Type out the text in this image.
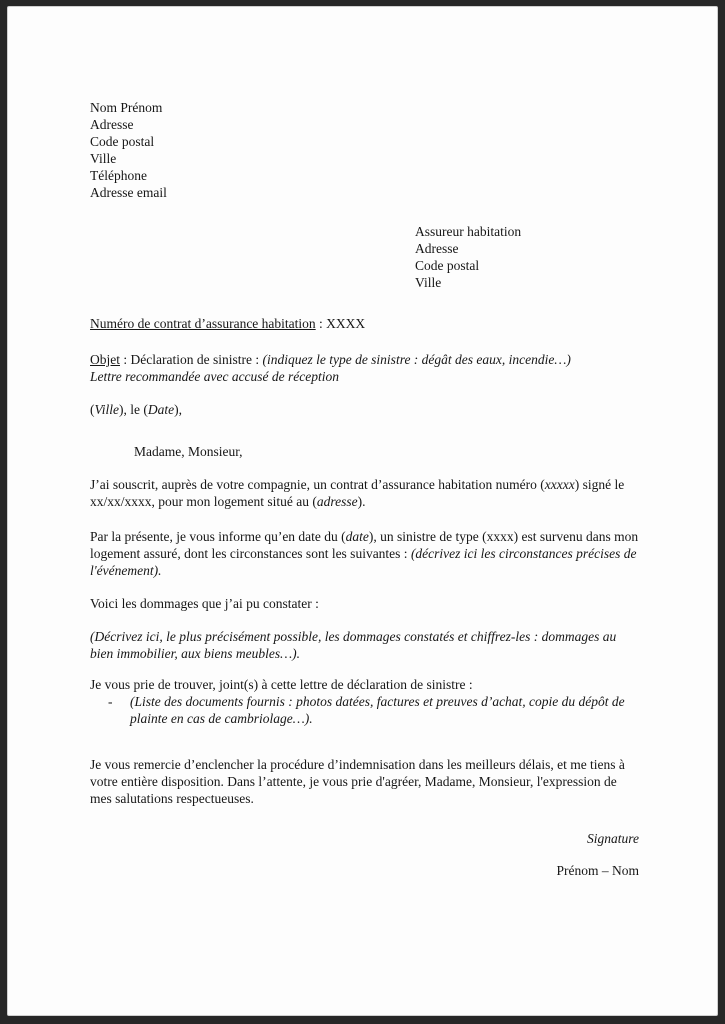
Nom Prénom
Adresse
Code postal
Ville
Téléphone
Adresse email
Assureur habitation
Adresse
Code postal
Ville
Numéro de contrat d’assurance habitation : XXXX
Objet : Déclaration de sinistre : (indiquez le type de sinistre : dégât des eaux, incendie…)
Lettre recommandée avec accusé de réception
(Ville), le (Date),
Madame, Monsieur,
J’ai souscrit, auprès de votre compagnie, un contrat d’assurance habitation numéro (xxxxx) signé le xx/xx/xxxx, pour mon logement situé au (adresse).
Par la présente, je vous informe qu’en date du (date), un sinistre de type (xxxx) est survenu dans mon logement assuré, dont les circonstances sont les suivantes : (décrivez ici les circonstances précises de l'événement).
Voici les dommages que j’ai pu constater :
(Décrivez ici, le plus précisément possible, les dommages constatés et chiffrez-les : dommages au bien immobilier, aux biens meubles…).
Je vous prie de trouver, joint(s) à cette lettre de déclaration de sinistre :
-	(Liste des documents fournis : photos datées, factures et preuves d’achat, copie du dépôt de plainte en cas de cambriolage…).
Je vous remercie d’enclencher la procédure d’indemnisation dans les meilleurs délais, et me tiens à votre entière disposition. Dans l’attente, je vous prie d'agréer, Madame, Monsieur, l'expression de mes salutations respectueuses.
Signature
Prénom – Nom
